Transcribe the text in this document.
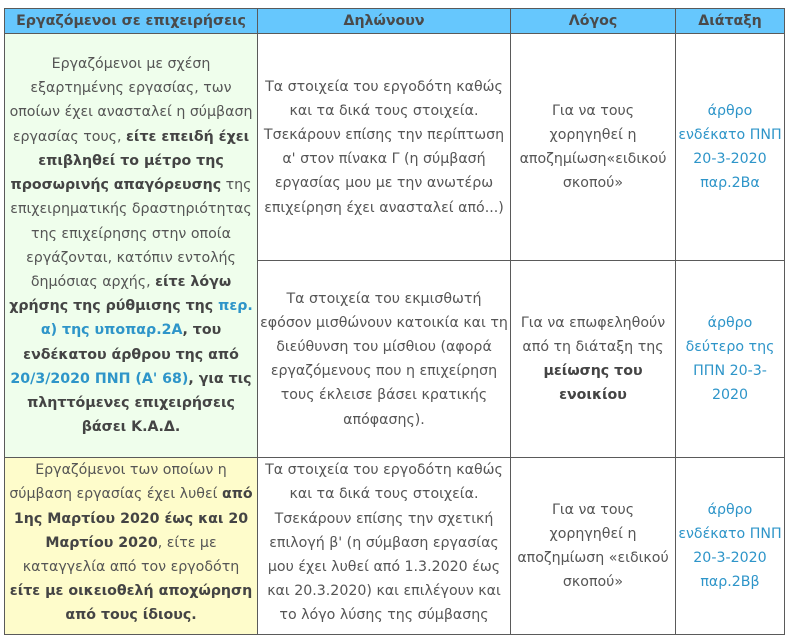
Εργαζόμενοι σε επιχειρήσεις	Δηλώνουν	Λόγος	Διάταξη
Εργαζόμενοι με σχέση εξαρτημένης εργασίας, των οποίων έχει ανασταλεί η σύμβαση εργασίας τους, είτε επειδή έχει επιβληθεί το μέτρο της προσωρινής απαγόρευσης της επιχειρηματικής δραστηριότητας της επιχείρησης στην οποία εργάζονται, κατόπιν εντολής δημόσιας αρχής, είτε λόγω χρήσης της ρύθμισης της περ. α) της υποπαρ.2Α, του ενδέκατου άρθρου της από 20/3/2020 ΠΝΠ (Α' 68), για τις πληττόμενες επιχειρήσεις βάσει Κ.Α.Δ.	Τα στοιχεία του εργοδότη καθώς και τα δικά τους στοιχεία. Τσεκάρουν επίσης την περίπτωση α' στον πίνακα Γ (η σύμβασή εργασίας μου με την ανωτέρω επιχείρηση έχει ανασταλεί από...)	Για να τους χορηγηθεί η αποζημίωση«ειδικού σκοπού»	άρθρο ενδέκατο ΠΝΠ 20-3-2020 παρ.2Βα
	Τα στοιχεία του εκμισθωτή εφόσον μισθώνουν κατοικία και τη διεύθυνση του μίσθιου (αφορά εργαζόμενους που η επιχείρηση τους έκλεισε βάσει κρατικής απόφασης).	Για να επωφεληθούν από τη διάταξη της μείωσης του ενοικίου	άρθρο δεύτερο της ΠΠΝ 20-3-2020
Εργαζόμενοι των οποίων η σύμβαση εργασίας έχει λυθεί από 1ης Μαρτίου 2020 έως και 20 Μαρτίου 2020, είτε με καταγγελία από τον εργοδότη είτε με οικειοθελή αποχώρηση από τους ίδιους.	Τα στοιχεία του εργοδότη καθώς και τα δικά τους στοιχεία. Τσεκάρουν επίσης την σχετική επιλογή β' (η σύμβαση εργασίας μου έχει λυθεί από 1.3.2020 έως και 20.3.2020) και επιλέγουν και το λόγο λύσης της σύμβασης	Για να τους χορηγηθεί η αποζημίωση «ειδικού σκοπού»	άρθρο ενδέκατο ΠΝΠ 20-3-2020 παρ.2Ββ
